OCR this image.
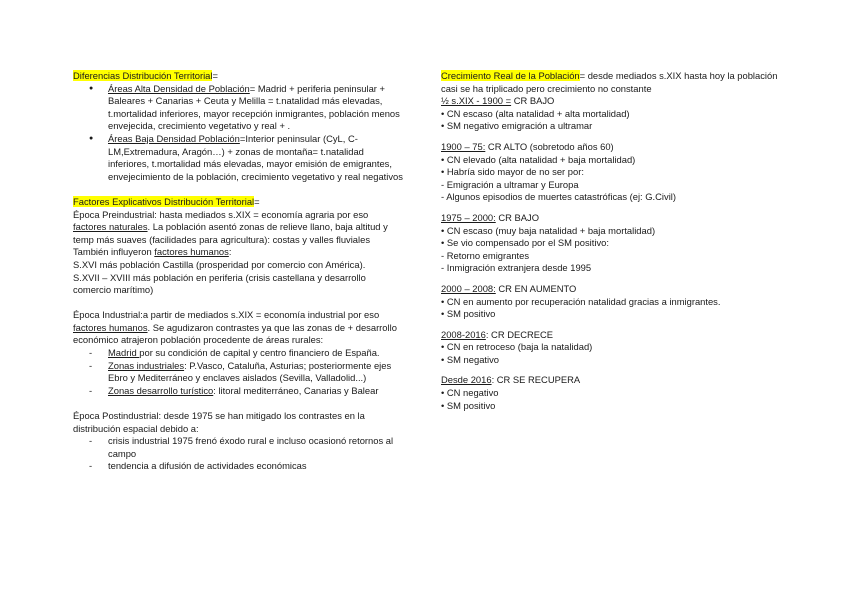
Diferencias Distribución Territorial=

● Áreas Alta Densidad de Población= Madrid + periferia peninsular + Baleares + Canarias + Ceuta y Melilla = t.natalidad más elevadas, t.mortalidad inferiores, mayor recepción inmigrantes, población menos envejecida, crecimiento vegetativo y real + .
● Áreas Baja Densidad Población=Interior peninsular (CyL, C-LM,Extremadura, Aragón…) + zonas de montaña= t.natalidad inferiores, t.mortalidad más elevadas, mayor emisión de emigrantes, envejecimiento de la población, crecimiento vegetativo y real negativos

Factores Explicativos Distribución Territorial=

Época Preindustrial: hasta mediados s.XIX = economía agraria por eso factores naturales. La población asentó zonas de relieve llano, baja altitud y temp más suaves (facilidades para agricultura): costas y valles fluviales También influyeron factores humanos:

S.XVI más población Castilla (prosperidad por comercio con América).

S.XVII – XVIII más población en periferia (crisis castellana y desarrollo comercio marítimo)

Época Industrial:a partir de mediados s.XIX = economía industrial por eso factores humanos. Se agudizaron contrastes ya que las zonas de + desarrollo económico atrajeron población procedente de áreas rurales:

- Madrid por su condición de capital y centro financiero de España.
- Zonas industriales: P.Vasco, Cataluña, Asturias; posteriormente ejes Ebro y Mediterráneo y enclaves aislados (Sevilla, Valladolid...)
- Zonas desarrollo turístico: litoral mediterráneo, Canarias y Balear

Época Postindustrial: desde 1975 se han mitigado los contrastes en la distribución espacial debido a:

- crisis industrial 1975 frenó éxodo rural e incluso ocasionó retornos al campo
- tendencia a difusión de actividades económicas

Crecimiento Real de la Población= desde mediados s.XIX hasta hoy la población casi se ha triplicado pero crecimiento no constante

½ s.XIX - 1900 = CR BAJO
• CN escaso (alta natalidad + alta mortalidad)
• SM negativo emigración a ultramar
1900 – 75: CR ALTO (sobretodo años 60)
• CN elevado (alta natalidad + baja mortalidad)
• Habría sido mayor de no ser por:
- Emigración a ultramar y Europa
- Algunos episodios de muertes catastróficas (ej: G.Civil)
1975 – 2000: CR BAJO
• CN escaso (muy baja natalidad + baja mortalidad)
• Se vio compensado por el SM positivo:
- Retorno emigrantes
- Inmigración extranjera desde 1995
2000 – 2008: CR EN AUMENTO
• CN en aumento por recuperación natalidad gracias a inmigrantes.
• SM positivo
2008-2016: CR DECRECE
• CN en retroceso (baja la natalidad)
• SM negativo
Desde 2016: CR SE RECUPERA
• CN negativo
• SM positivo
